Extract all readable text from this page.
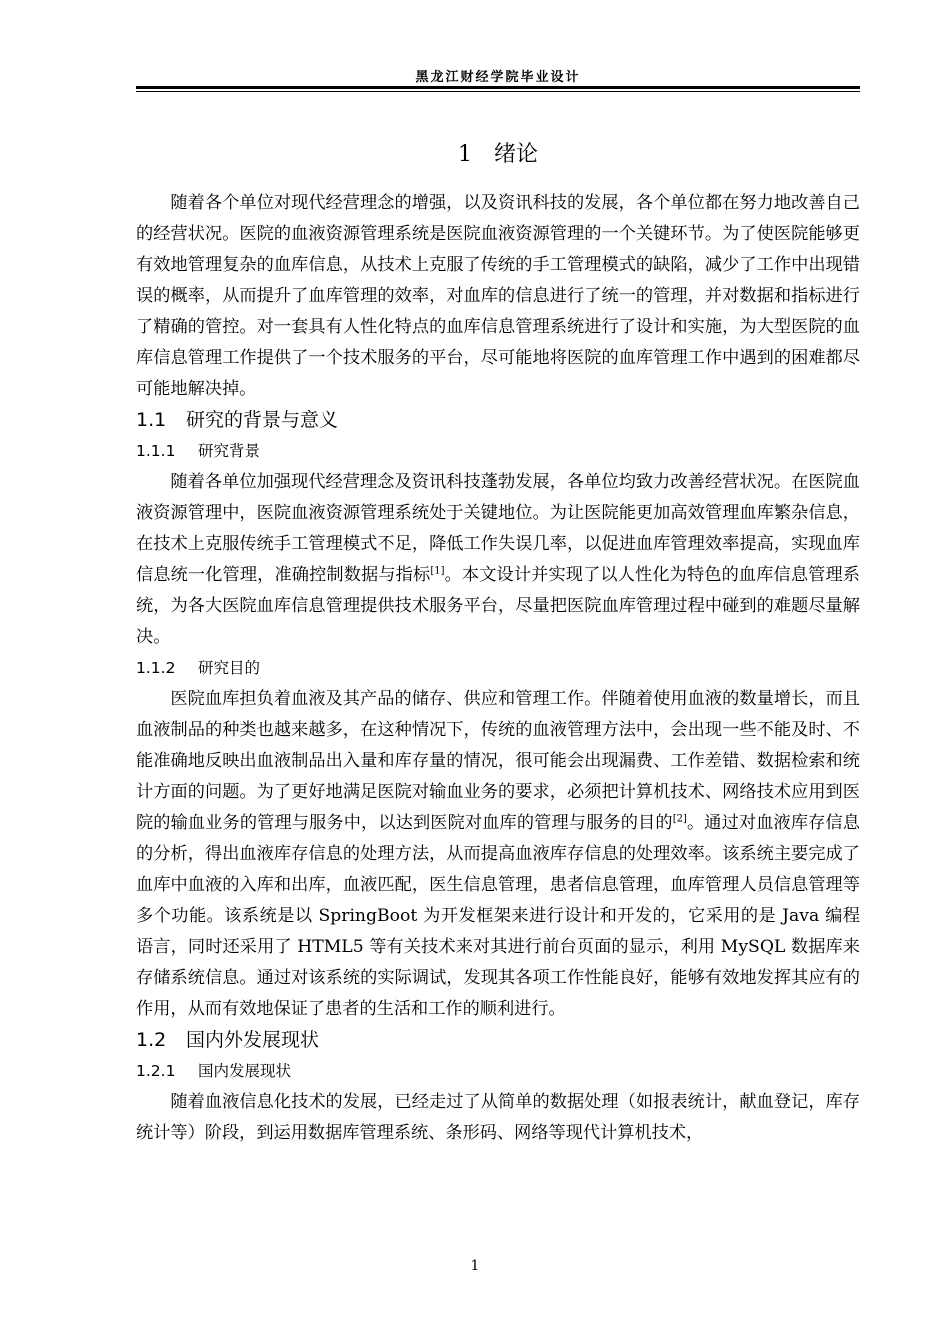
黑龙江财经学院毕业设计
1 绪论

随着各个单位对现代经营理念的增强，以及资讯科技的发展，各个单位都在努力地改善自己的经营状况。医院的血液资源管理系统是医院血液资源管理的一个关键环节。为了使医院能够更有效地管理复杂的血库信息，从技术上克服了传统的手工管理模式的缺陷，减少了工作中出现错误的概率，从而提升了血库管理的效率，对血库的信息进行了统一的管理，并对数据和指标进行了精确的管控。对一套具有人性化特点的血库信息管理系统进行了设计和实施，为大型医院的血库信息管理工作提供了一个技术服务的平台，尽可能地将医院的血库管理工作中遇到的困难都尽可能地解决掉。

1.1 研究的背景与意义
1.1.1 研究背景

随着各单位加强现代经营理念及资讯科技蓬勃发展，各单位均致力改善经营状况。在医院血液资源管理中，医院血液资源管理系统处于关键地位。为让医院能更加高效管理血库繁杂信息，在技术上克服传统手工管理模式不足，降低工作失误几率，以促进血库管理效率提高，实现血库信息统一化管理，准确控制数据与指标[1]。本文设计并实现了以人性化为特色的血库信息管理系统，为各大医院血库信息管理提供技术服务平台，尽量把医院血库管理过程中碰到的难题尽量解决。

1.1.2 研究目的

医院血库担负着血液及其产品的储存、供应和管理工作。伴随着使用血液的数量增长，而且血液制品的种类也越来越多，在这种情况下，传统的血液管理方法中，会出现一些不能及时、不能准确地反映出血液制品出入量和库存量的情况，很可能会出现漏费、工作差错、数据检索和统计方面的问题。为了更好地满足医院对输血业务的要求，必须把计算机技术、网络技术应用到医院的输血业务的管理与服务中，以达到医院对血库的管理与服务的目的[2]。通过对血液库存信息的分析，得出血液库存信息的处理方法，从而提高血液库存信息的处理效率。该系统主要完成了血库中血液的入库和出库，血液匹配，医生信息管理，患者信息管理，血库管理人员信息管理等多个功能。该系统是以 SpringBoot 为开发框架来进行设计和开发的，它采用的是 Java 编程语言，同时还采用了 HTML5 等有关技术来对其进行前台页面的显示，利用 MySQL 数据库来存储系统信息。通过对该系统的实际调试，发现其各项工作性能良好，能够有效地发挥其应有的作用，从而有效地保证了患者的生活和工作的顺利进行。

1.2 国内外发展现状
1.2.1 国内发展现状

随着血液信息化技术的发展，已经走过了从简单的数据处理（如报表统计，献血登记，库存统计等）阶段，到运用数据库管理系统、条形码、网络等现代计算机技术，

1
